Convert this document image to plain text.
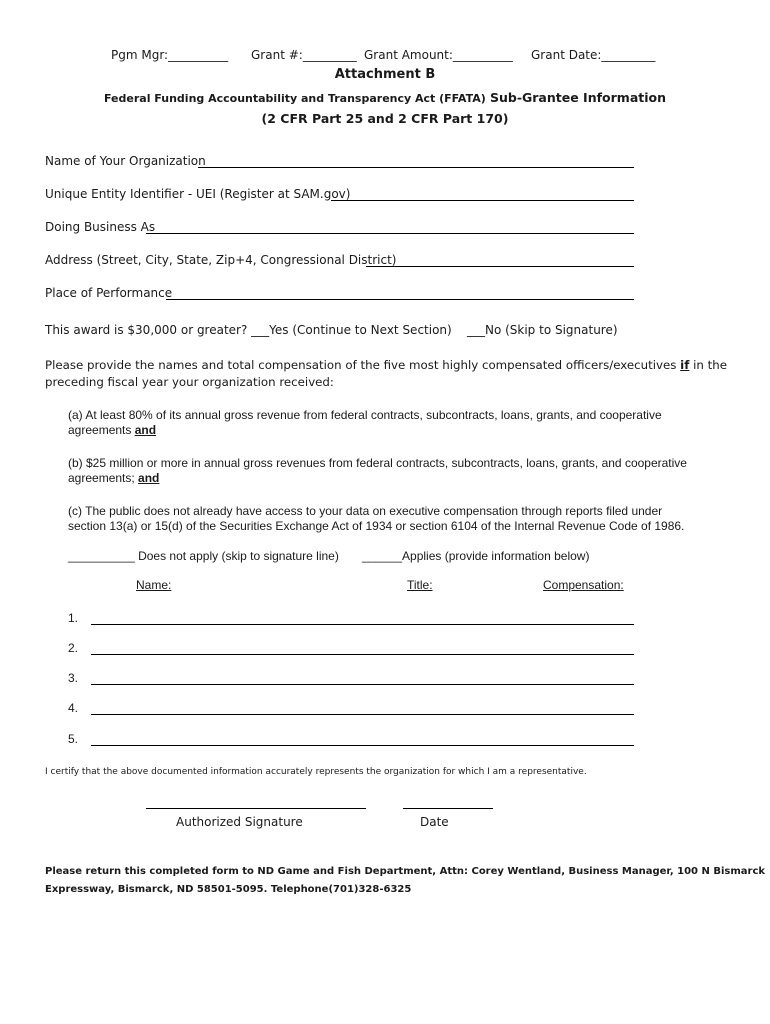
Pgm Mgr:__________ Grant #:_________ Grant Amount:__________ Grant Date:_________
Attachment B
Federal Funding Accountability and Transparency Act (FFATA) Sub-Grantee Information
(2 CFR Part 25 and 2 CFR Part 170)
Name of Your Organization
Unique Entity Identifier - UEI (Register at SAM.gov)
Doing Business As
Address (Street, City, State, Zip+4, Congressional District)
Place of Performance
This award is $30,000 or greater? ___Yes (Continue to Next Section)    ___No (Skip to Signature)
Please provide the names and total compensation of the five most highly compensated officers/executives if in the
preceding fiscal year your organization received:
(a) At least 80% of its annual gross revenue from federal contracts, subcontracts, loans, grants, and cooperative
agreements and
(b) $25 million or more in annual gross revenues from federal contracts, subcontracts, loans, grants, and cooperative
agreements; and
(c) The public does not already have access to your data on executive compensation through reports filed under
section 13(a) or 15(d) of the Securities Exchange Act of 1934 or section 6104 of the Internal Revenue Code of 1986.
__________ Does not apply (skip to signature line) ______Applies (provide information below)
Name:	Title:	Compensation:
1.
2.
3.
4.
5.
I certify that the above documented information accurately represents the organization for which I am a representative.
Authorized Signature	Date
Please return this completed form to ND Game and Fish Department, Attn: Corey Wentland, Business Manager, 100 N Bismarck
Expressway, Bismarck, ND 58501-5095. Telephone(701)328-6325
